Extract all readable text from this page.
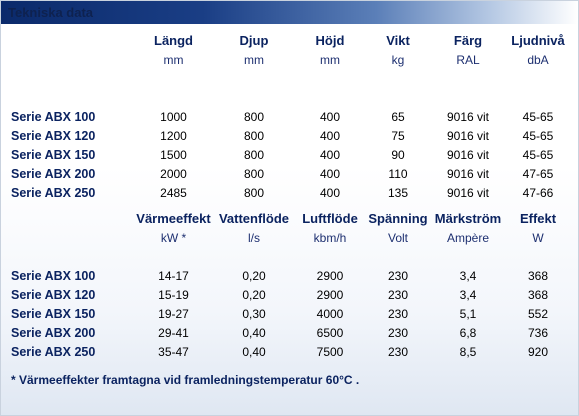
Tekniska data
	Längd	Djup	Höjd	Vikt	Färg	Ljudnivå
	mm	mm	mm	kg	RAL	dbA

Serie ABX 100	1000	800	400	65	9016 vit	45-65
Serie ABX 120	1200	800	400	75	9016 vit	45-65
Serie ABX 150	1500	800	400	90	9016 vit	45-65
Serie ABX 200	2000	800	400	110	9016 vit	47-65
Serie ABX 250	2485	800	400	135	9016 vit	47-66
	Värmeeffekt	Vattenflöde	Luftflöde	Spänning	Märkström	Effekt
	kW *	l/s	kbm/h	Volt	Ampère	W

Serie ABX 100	14-17	0,20	2900	230	3,4	368
Serie ABX 120	15-19	0,20	2900	230	3,4	368
Serie ABX 150	19-27	0,30	4000	230	5,1	552
Serie ABX 200	29-41	0,40	6500	230	6,8	736
Serie ABX 250	35-47	0,40	7500	230	8,5	920
* Värmeeffekter framtagna vid framledningstemperatur 60°C .
